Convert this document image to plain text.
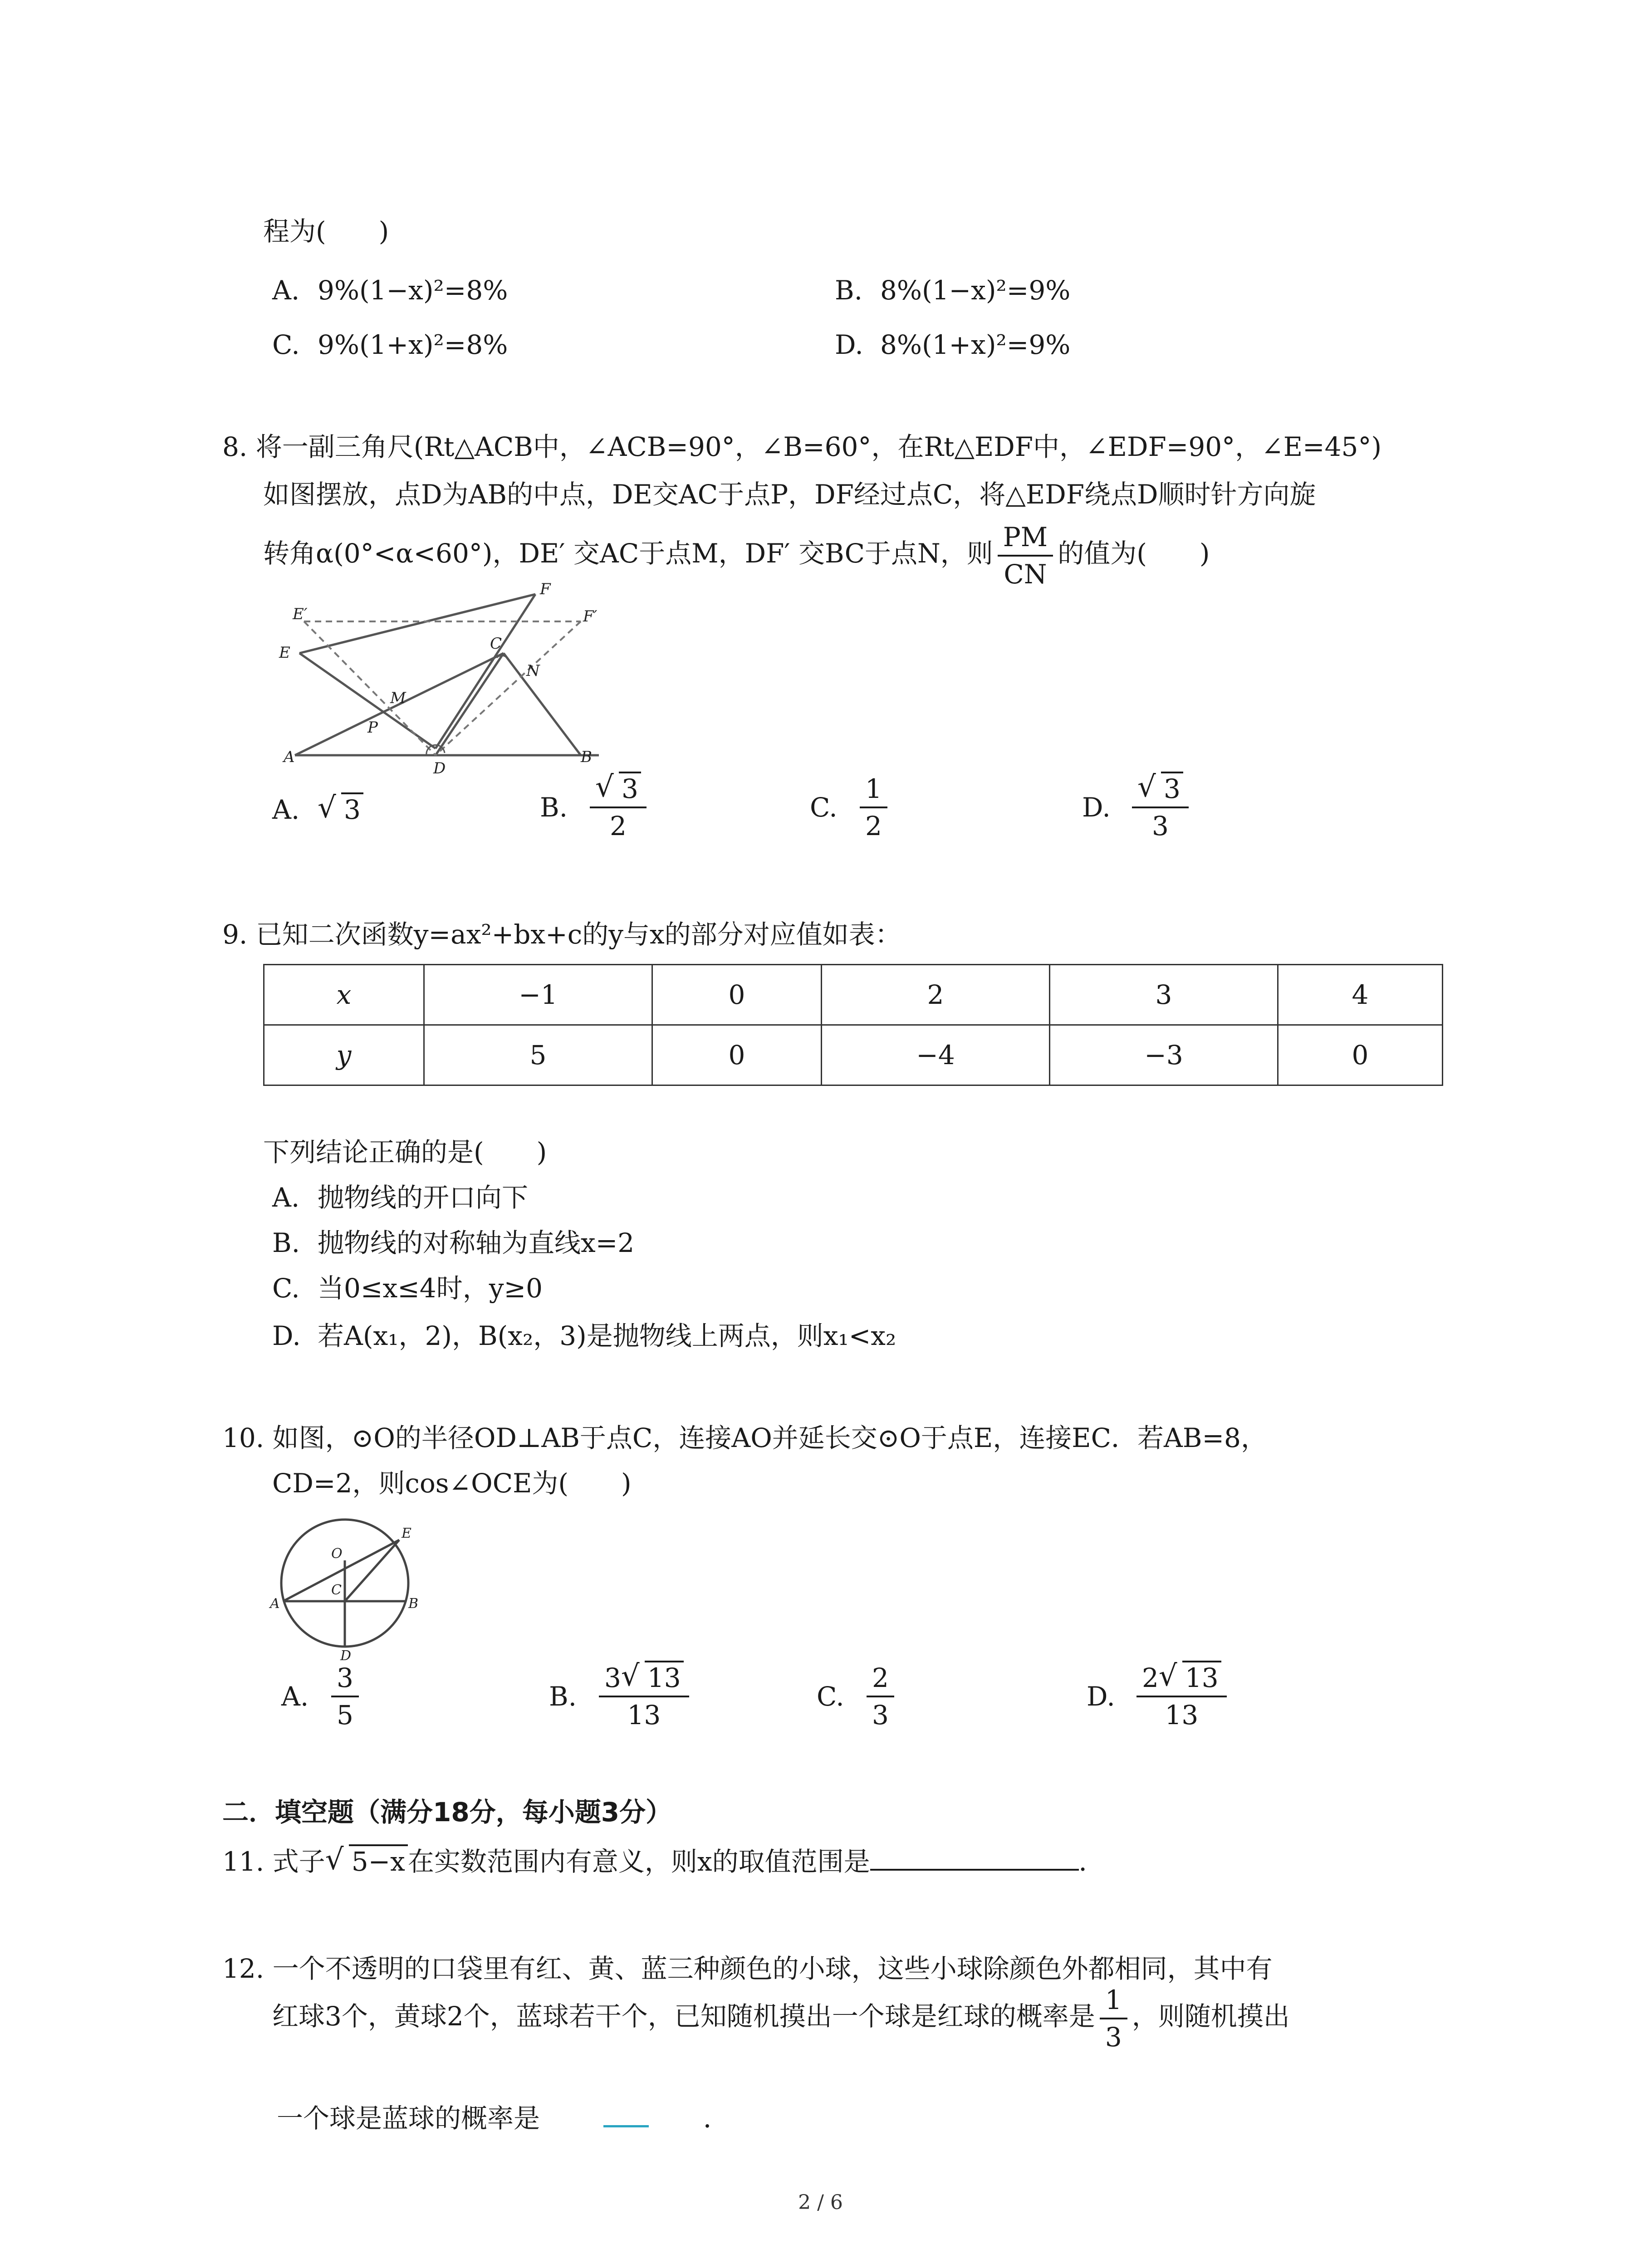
程为(　　)
A. 9%(1−x)²=8%	B. 8%(1−x)²=9%
C. 9%(1+x)²=8%	D. 8%(1+x)²=9%
8. 将一副三角尺(Rt△ACB中，∠ACB=90°，∠B=60°，在Rt△EDF中，∠EDF=90°，∠E=45°)
如图摆放，点D为AB的中点，DE交AC于点P，DF经过点C，将△EDF绕点D顺时针方向旋
转角α(0°<α<60°)，DE′ 交AC于点M，DF′ 交BC于点N，则 $\frac{PM}{CN}$ 的值为(　　)
E′
F
F′
E	C
N
M
P
A
D
B
A. √ 3	B. √ $\frac{3}{2}$	C. $\frac{1}{2}$	D. √ $\frac{3}{3}$
9. 已知二次函数y=ax²+bx+c的y与x的部分对应值如表：
x	−1	0	2	3	4
y	5	0	−4	−3	0
下列结论正确的是(　　)
A. 抛物线的开口向下
B. 抛物线的对称轴为直线x=2
C. 当0≤x≤4时，y≥0
D. 若A(x₁，2)，B(x₂，3)是抛物线上两点，则x₁<x₂
10. 如图，⊙O的半径OD⊥AB于点C，连接AO并延长交⊙O于点E，连接EC．若AB=8，
CD=2，则cos∠OCE为(　　)
E
O
C
A
D
B
A. $\frac{3}{5}$	B. $\frac{3 √ 13}{13}$	C. $\frac{2}{3}$	D. $\frac{2 √ 13}{13}$
二．填空题（满分18分，每小题3分）
11. 式子 √ 5−x 在实数范围内有意义，则x的取值范围是	．
12. 一个不透明的口袋里有红、黄、蓝三种颜色的小球，这些小球除颜色外都相同，其中有
红球3个，黄球2个，蓝球若干个，已知随机摸出一个球是红球的概率是 $\frac{1}{3}$ ，则随机摸出
一个球是蓝球的概率是	．
2 / 6
